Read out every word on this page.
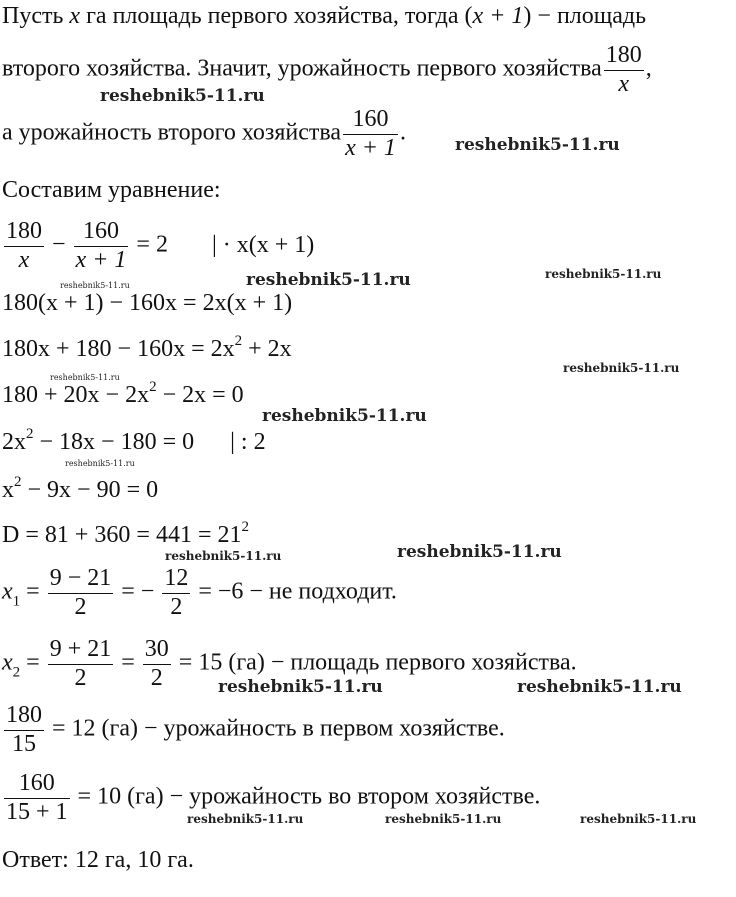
Пусть x га площадь первого хозяйства, тогда (x + 1) − площадь
второго хозяйства. Значит, урожайность первого хозяйства $\frac{180}{x}$ ,
а урожайность второго хозяйства $\frac{160}{x + 1}$ .
Составим уравнение:
$\frac{180}{x} - \frac{160}{x + 1} = 2$ | · x(x + 1)
180(x + 1) − 160x = 2x(x + 1)
$180x + 180 - 160x = 2x^2 + 2x$
$180 + 20x - 2x^2 - 2x = 0$
$2x^2 - 18x - 180 = 0$ | : 2
$x^2 - 9x - 90 = 0$
$D = 81 + 360 = 441 = 21^2$
$x_1 = \frac{9 - 21}{2}$ = − $\frac{12}{2} = -6$ − не подходит.
$x_2 = \frac{9 + 21}{2} = \frac{30}{2} = 15$ (га) − площадь первого хозяйства.
$\frac{180}{15} = 12$ (га) − урожайность в первом хозяйстве.
$\frac{160}{15 + 1} = 10$ (га) − урожайность во втором хозяйстве.
Ответ: 12 га, 10 га.
reshebnik5-11.ru
reshebnik5-11.ru
reshebnik5-11.ru	reshebnik5-11.ru	reshebnik5-11.ru
reshebnik5-11.ru
reshebnik5-11.ru
reshebnik5-11.ru
reshebnik5-11.ru
reshebnik5-11.ru	reshebnik5-11.ru
reshebnik5-11.ru	reshebnik5-11.ru
reshebnik5-11.ru	reshebnik5-11.ru	reshebnik5-11.ru
